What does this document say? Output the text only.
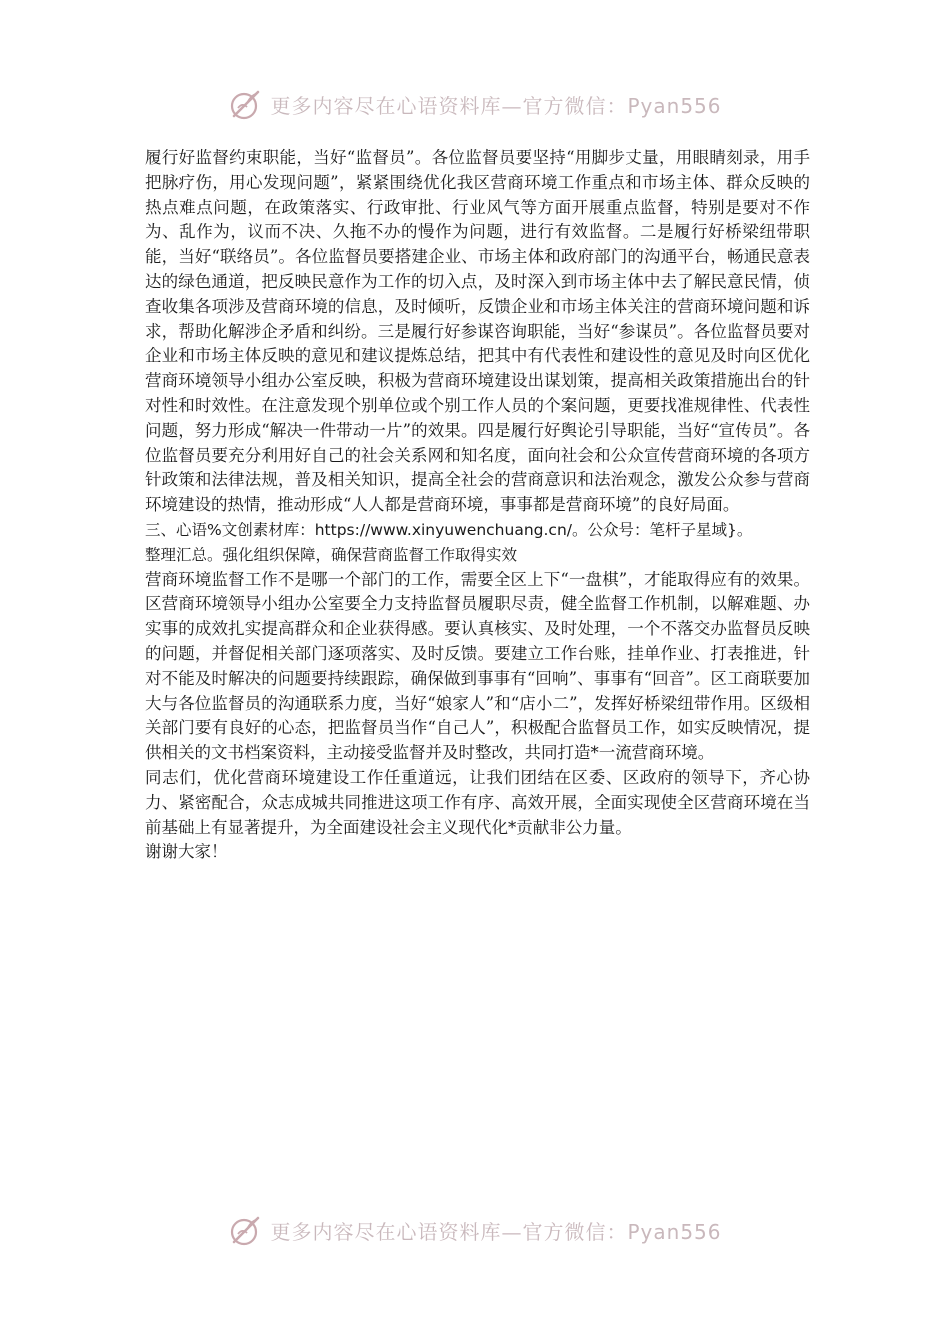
更多内容尽在心语资料库—官方微信：Pyan556

履行好监督约束职能，当好“监督员”。各位监督员要坚持“用脚步丈量，用眼睛刻录，用手把脉疗伤，用心发现问题”，紧紧围绕优化我区营商环境工作重点和市场主体、群众反映的热点难点问题，在政策落实、行政审批、行业风气等方面开展重点监督，特别是要对不作为、乱作为，议而不决、久拖不办的慢作为问题，进行有效监督。二是履行好桥梁纽带职能，当好“联络员”。各位监督员要搭建企业、市场主体和政府部门的沟通平台，畅通民意表达的绿色通道，把反映民意作为工作的切入点，及时深入到市场主体中去了解民意民情，侦查收集各项涉及营商环境的信息，及时倾听，反馈企业和市场主体关注的营商环境问题和诉求，帮助化解涉企矛盾和纠纷。三是履行好参谋咨询职能，当好“参谋员”。各位监督员要对企业和市场主体反映的意见和建议提炼总结，把其中有代表性和建设性的意见及时向区优化营商环境领导小组办公室反映，积极为营商环境建设出谋划策，提高相关政策措施出台的针对性和时效性。在注意发现个别单位或个别工作人员的个案问题，更要找准规律性、代表性问题，努力形成“解决一件带动一片”的效果。四是履行好舆论引导职能，当好“宣传员”。各位监督员要充分利用好自己的社会关系网和知名度，面向社会和公众宣传营商环境的各项方针政策和法律法规，普及相关知识，提高全社会的营商意识和法治观念，激发公众参与营商环境建设的热情，推动形成“人人都是营商环境，事事都是营商环境”的良好局面。

三、心语%文创素材库：https://www.xinyuwenchuang.cn/。公众号：笔杆子星域}。

整理汇总。强化组织保障，确保营商监督工作取得实效

营商环境监督工作不是哪一个部门的工作，需要全区上下“一盘棋”，才能取得应有的效果。区营商环境领导小组办公室要全力支持监督员履职尽责，健全监督工作机制，以解难题、办实事的成效扎实提高群众和企业获得感。要认真核实、及时处理，一个不落交办监督员反映的问题，并督促相关部门逐项落实、及时反馈。要建立工作台账，挂单作业、打表推进，针对不能及时解决的问题要持续跟踪，确保做到事事有“回响”、事事有“回音”。区工商联要加大与各位监督员的沟通联系力度，当好“娘家人”和“店小二”，发挥好桥梁纽带作用。区级相关部门要有良好的心态，把监督员当作“自己人”，积极配合监督员工作，如实反映情况，提供相关的文书档案资料，主动接受监督并及时整改，共同打造*一流营商环境。

同志们，优化营商环境建设工作任重道远，让我们团结在区委、区政府的领导下，齐心协力、紧密配合，众志成城共同推进这项工作有序、高效开展，全面实现使全区营商环境在当前基础上有显著提升，为全面建设社会主义现代化*贡献非公力量。

谢谢大家！

更多内容尽在心语资料库—官方微信：Pyan556
